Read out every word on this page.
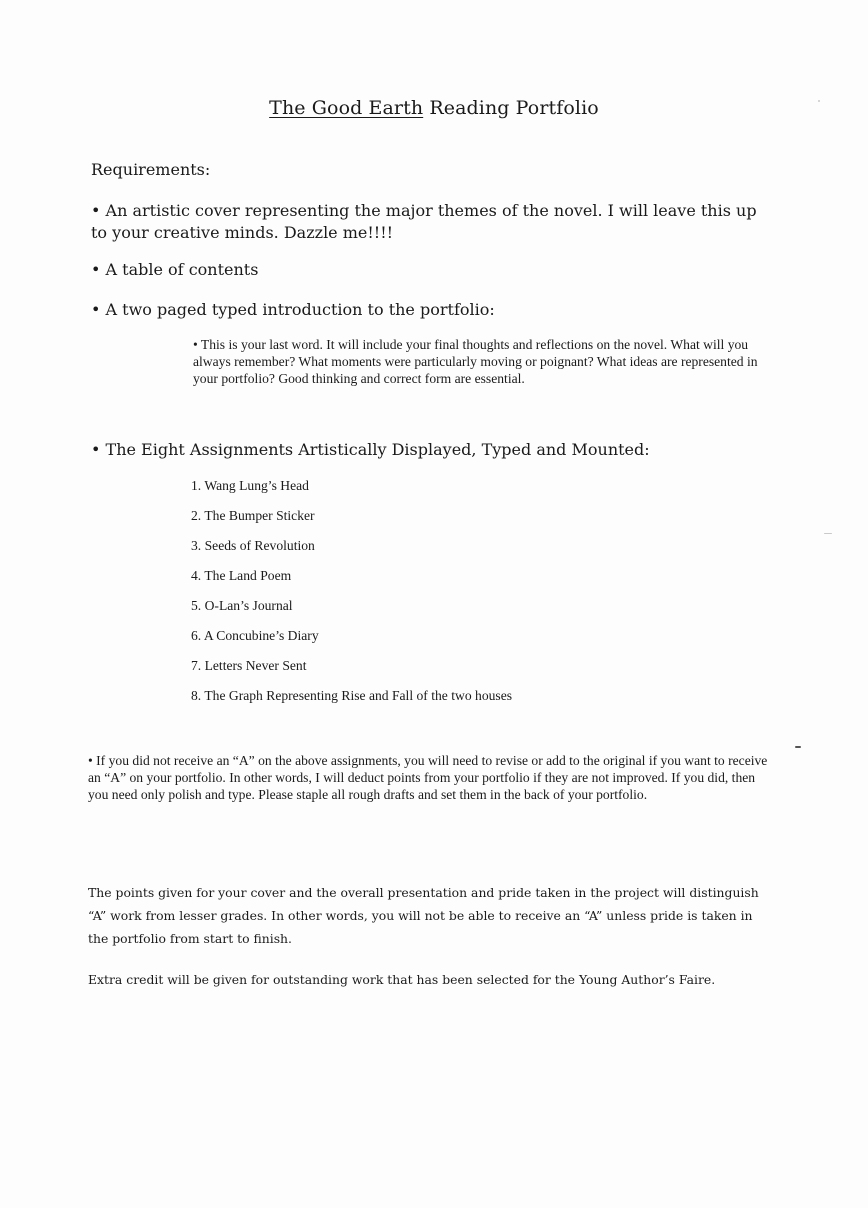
The Good Earth Reading Portfolio
Requirements:
• An artistic cover representing the major themes of the novel. I will leave this up to your creative minds. Dazzle me!!!!
• A table of contents
• A two paged typed introduction to the portfolio:
• This is your last word. It will include your final thoughts and reflections on the novel. What will you always remember? What moments were particularly moving or poignant? What ideas are represented in your portfolio? Good thinking and correct form are essential.
• The Eight Assignments Artistically Displayed, Typed and Mounted:
1. Wang Lung’s Head
2. The Bumper Sticker
3. Seeds of Revolution
4. The Land Poem
5. O-Lan’s Journal
6. A Concubine’s Diary
7. Letters Never Sent
8. The Graph Representing Rise and Fall of the two houses
• If you did not receive an “A” on the above assignments, you will need to revise or add to the original if you want to receive an “A” on your portfolio. In other words, I will deduct points from your portfolio if they are not improved. If you did, then you need only polish and type. Please staple all rough drafts and set them in the back of your portfolio.
The points given for your cover and the overall presentation and pride taken in the project will distinguish “A” work from lesser grades. In other words, you will not be able to receive an “A” unless pride is taken in the portfolio from start to finish.
Extra credit will be given for outstanding work that has been selected for the Young Author’s Faire.
